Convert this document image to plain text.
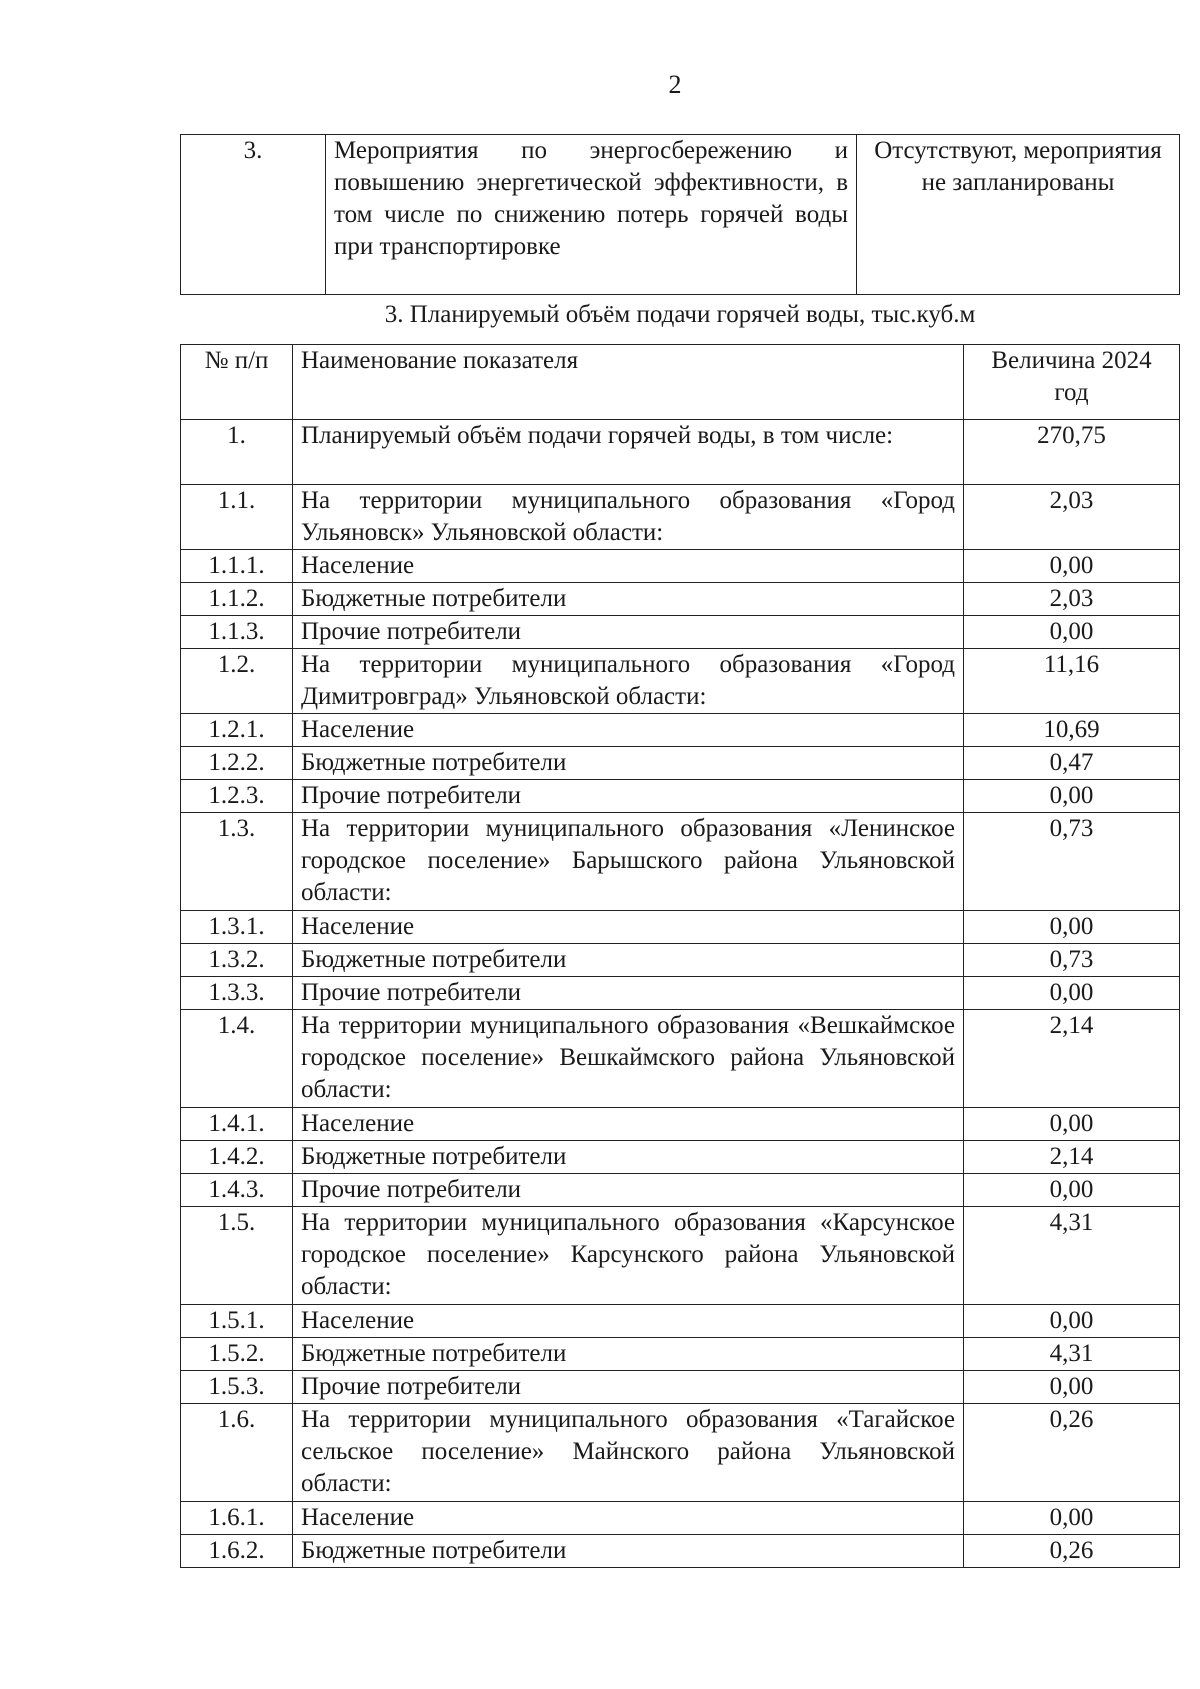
2
3.	Мероприятия по энергосбережению и повышению энергетической эффективности, в том числе по снижению потерь горячей воды при транспортировке	Отсутствуют, мероприятия не запланированы
3. Планируемый объём подачи горячей воды, тыс.куб.м
№ п/п	Наименование показателя	Величина 2024 год
1.	Планируемый объём подачи горячей воды, в том числе:	270,75
1.1.	На территории муниципального образования «Город Ульяновск» Ульяновской области:	2,03
1.1.1.	Население	0,00
1.1.2.	Бюджетные потребители	2,03
1.1.3.	Прочие потребители	0,00
1.2.	На территории муниципального образования «Город Димитровград» Ульяновской области:	11,16
1.2.1.	Население	10,69
1.2.2.	Бюджетные потребители	0,47
1.2.3.	Прочие потребители	0,00
1.3.	На территории муниципального образования «Ленинское городское поселение» Барышского района Ульяновской области:	0,73
1.3.1.	Население	0,00
1.3.2.	Бюджетные потребители	0,73
1.3.3.	Прочие потребители	0,00
1.4.	На территории муниципального образования «Вешкаймское городское поселение» Вешкаймского района Ульяновской области:	2,14
1.4.1.	Население	0,00
1.4.2.	Бюджетные потребители	2,14
1.4.3.	Прочие потребители	0,00
1.5.	На территории муниципального образования «Карсунское городское поселение» Карсунского района Ульяновской области:	4,31
1.5.1.	Население	0,00
1.5.2.	Бюджетные потребители	4,31
1.5.3.	Прочие потребители	0,00
1.6.	На территории муниципального образования «Тагайское сельское поселение» Майнского района Ульяновской области:	0,26
1.6.1.	Население	0,00
1.6.2.	Бюджетные потребители	0,26
